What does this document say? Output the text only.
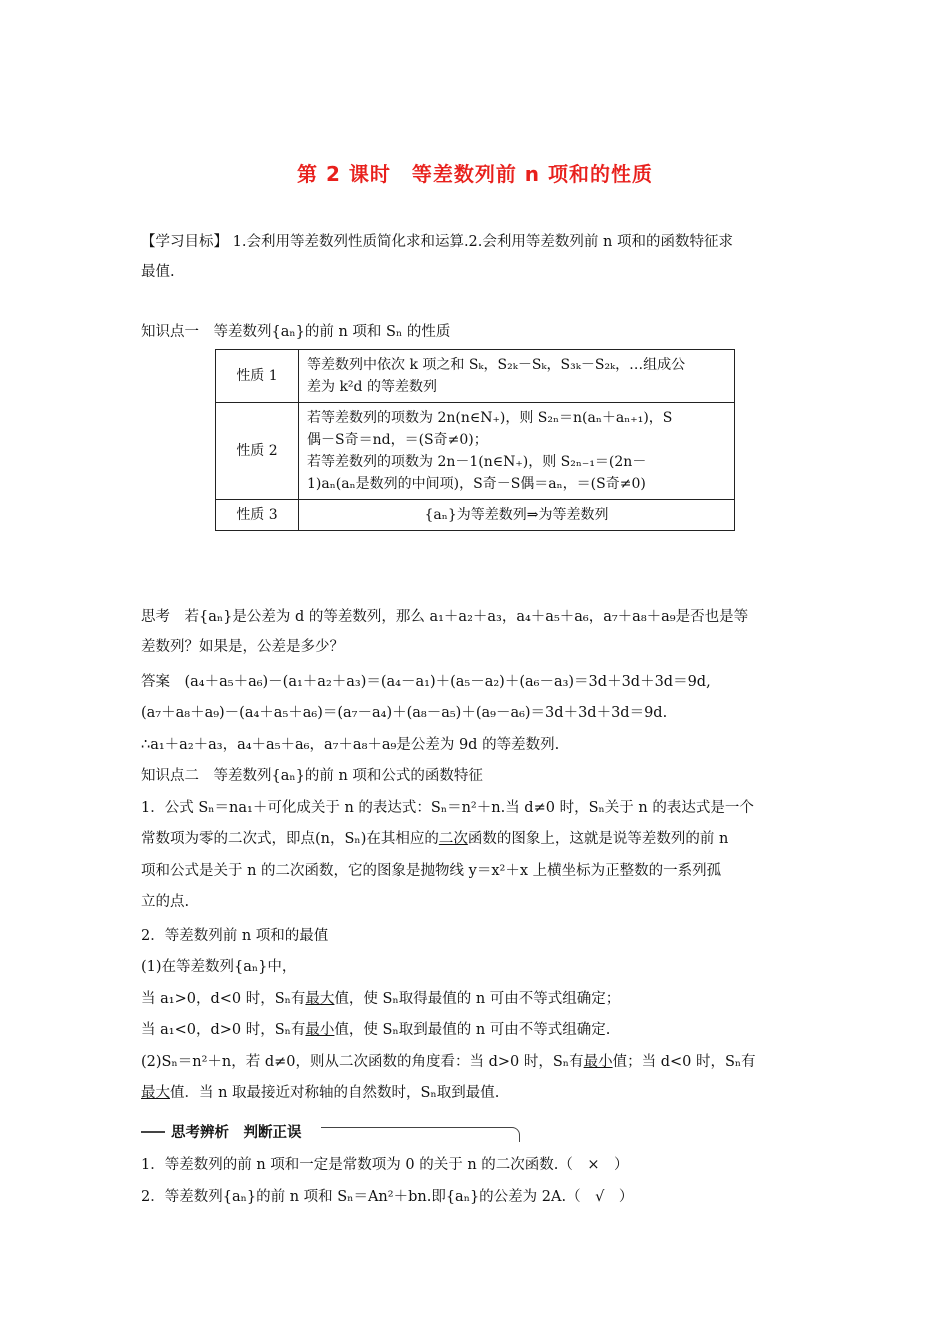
第 2 课时　等差数列前 n 项和的性质
【学习目标】 1.会利用等差数列性质简化求和运算.2.会利用等差数列前 n 项和的函数特征求
最值.
知识点一　等差数列{aₙ}的前 n 项和 Sₙ 的性质
性质 1	等差数列中依次 k 项之和 Sₖ，S₂ₖ－Sₖ，S₃ₖ－S₂ₖ，…组成公
差为 k²d 的等差数列

性质 2	若等差数列的项数为 2n(n∈N₊)，则 S₂ₙ＝n(aₙ＋aₙ₊₁)，S
偶－S奇＝nd，＝(S奇≠0)；
若等差数列的项数为 2n－1(n∈N₊)，则 S₂ₙ₋₁＝(2n－
1)aₙ(aₙ是数列的中间项)，S奇－S偶＝aₙ，＝(S奇≠0)

性质 3	{aₙ}为等差数列⇒为等差数列
思考　若{aₙ}是公差为 d 的等差数列，那么 a₁＋a₂＋a₃，a₄＋a₅＋a₆，a₇＋a₈＋a₉是否也是等
差数列？如果是，公差是多少？
答案　(a₄＋a₅＋a₆)－(a₁＋a₂＋a₃)＝(a₄－a₁)＋(a₅－a₂)＋(a₆－a₃)＝3d＋3d＋3d＝9d,
(a₇＋a₈＋a₉)－(a₄＋a₅＋a₆)＝(a₇－a₄)＋(a₈－a₅)＋(a₉－a₆)＝3d＋3d＋3d＝9d.
∴a₁＋a₂＋a₃，a₄＋a₅＋a₆，a₇＋a₈＋a₉是公差为 9d 的等差数列.
知识点二　等差数列{aₙ}的前 n 项和公式的函数特征
1．公式 Sₙ＝na₁＋可化成关于 n 的表达式：Sₙ＝n²＋n.当 d≠0 时，Sₙ关于 n 的表达式是一个
常数项为零的二次式，即点(n，Sₙ)在其相应的二次函数的图象上，这就是说等差数列的前 n
项和公式是关于 n 的二次函数，它的图象是抛物线 y＝x²＋x 上横坐标为正整数的一系列孤
立的点.
2．等差数列前 n 项和的最值
(1)在等差数列{aₙ}中，
当 a₁>0，d<0 时，Sₙ有最大值，使 Sₙ取得最值的 n 可由不等式组确定；
当 a₁<0，d>0 时，Sₙ有最小值，使 Sₙ取到最值的 n 可由不等式组确定.
(2)Sₙ＝n²＋n，若 d≠0，则从二次函数的角度看：当 d>0 时，Sₙ有最小值；当 d<0 时，Sₙ有
最大值．当 n 取最接近对称轴的自然数时，Sₙ取到最值.
思考辨析　判断正误
1．等差数列的前 n 项和一定是常数项为 0 的关于 n 的二次函数.（　×　）
2．等差数列{aₙ}的前 n 项和 Sₙ＝An²＋bn.即{aₙ}的公差为 2A.（　√　）
